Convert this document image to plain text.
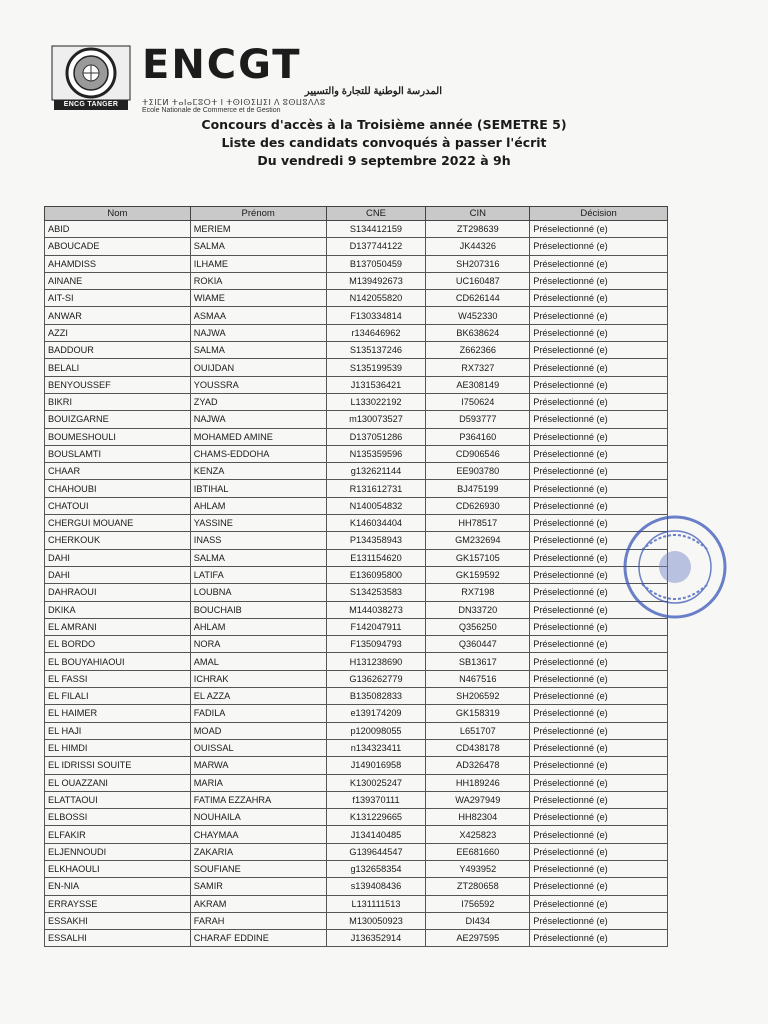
ENCG TANGER
ENCGT
المدرسة الوطنية للتجارة والتسيير
ⵜⵉⵏⵎⵍ ⵜⴰⵏⴰⵎⵓⵔⵜ ⵏ ⵜⵙⵏⵙⵉⵡⵉⵏ ⴷ ⵓⵙⵡⵓⴷⴷⵓ
Ecole Nationale de Commerce et de Gestion
Concours d'accès à la Troisième année (SEMETRE 5)
Liste des candidats convoqués à passer l'écrit
Du vendredi 9 septembre 2022 à 9h
Nom	Prénom	CNE	CIN	Décision
ABID	MERIEM	S134412159	ZT298639	Préselectionné (e)
ABOUCADE	SALMA	D137744122	JK44326	Préselectionné (e)
AHAMDISS	ILHAME	B137050459	SH207316	Préselectionné (e)
AINANE	ROKIA	M139492673	UC160487	Préselectionné (e)
AIT-SI	WIAME	N142055820	CD626144	Préselectionné (e)
ANWAR	ASMAA	F130334814	W452330	Préselectionné (e)
AZZI	NAJWA	r134646962	BK638624	Préselectionné (e)
BADDOUR	SALMA	S135137246	Z662366	Préselectionné (e)
BELALI	OUIJDAN	S135199539	RX7327	Préselectionné (e)
BENYOUSSEF	YOUSSRA	J131536421	AE308149	Préselectionné (e)
BIKRI	ZYAD	L133022192	I750624	Préselectionné (e)
BOUIZGARNE	NAJWA	m130073527	D593777	Préselectionné (e)
BOUMESHOULI	MOHAMED AMINE	D137051286	P364160	Préselectionné (e)
BOUSLAMTI	CHAMS-EDDOHA	N135359596	CD906546	Préselectionné (e)
CHAAR	KENZA	g132621144	EE903780	Préselectionné (e)
CHAHOUBI	IBTIHAL	R131612731	BJ475199	Préselectionné (e)
CHATOUI	AHLAM	N140054832	CD626930	Préselectionné (e)
CHERGUI MOUANE	YASSINE	K146034404	HH78517	Préselectionné (e)
CHERKOUK	INASS	P134358943	GM232694	Préselectionné (e)
DAHI	SALMA	E131154620	GK157105	Préselectionné (e)
DAHI	LATIFA	E136095800	GK159592	Préselectionné (e)
DAHRAOUI	LOUBNA	S134253583	RX7198	Préselectionné (e)
DKIKA	BOUCHAIB	M144038273	DN33720	Préselectionné (e)
EL AMRANI	AHLAM	F142047911	Q356250	Préselectionné (e)
EL BORDO	NORA	F135094793	Q360447	Préselectionné (e)
EL BOUYAHIAOUI	AMAL	H131238690	SB13617	Préselectionné (e)
EL FASSI	ICHRAK	G136262779	N467516	Préselectionné (e)
EL FILALI	EL AZZA	B135082833	SH206592	Préselectionné (e)
EL HAIMER	FADILA	e139174209	GK158319	Préselectionné (e)
EL HAJI	MOAD	p120098055	L651707	Préselectionné (e)
EL HIMDI	OUISSAL	n134323411	CD438178	Préselectionné (e)
EL IDRISSI SOUITE	MARWA	J149016958	AD326478	Préselectionné (e)
EL OUAZZANI	MARIA	K130025247	HH189246	Préselectionné (e)
ELATTAOUI	FATIMA EZZAHRA	f139370111	WA297949	Préselectionné (e)
ELBOSSI	NOUHAILA	K131229665	HH82304	Préselectionné (e)
ELFAKIR	CHAYMAA	J134140485	X425823	Préselectionné (e)
ELJENNOUDI	ZAKARIA	G139644547	EE681660	Préselectionné (e)
ELKHAOULI	SOUFIANE	g132658354	Y493952	Préselectionné (e)
EN-NIA	SAMIR	s139408436	ZT280658	Préselectionné (e)
ERRAYSSE	AKRAM	L131111513	I756592	Préselectionné (e)
ESSAKHI	FARAH	M130050923	DI434	Préselectionné (e)
ESSALHI	CHARAF EDDINE	J136352914	AE297595	Préselectionné (e)
